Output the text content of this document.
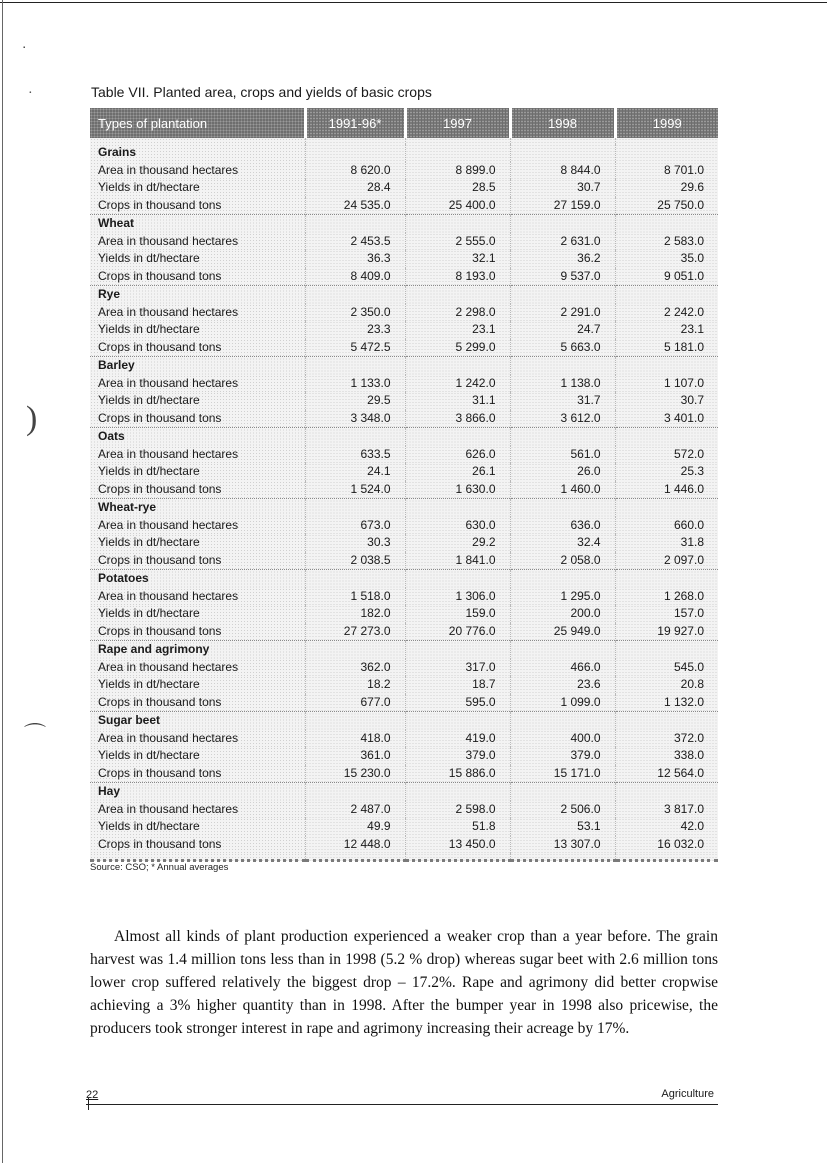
⋅
·
)
⌒
Table VII. Planted area, crops and yields of basic crops
Types of plantation	1991-96*	1997	1998	1999

Grains				
Area in thousand hectares	8 620.0	8 899.0	8 844.0	8 701.0
Yields in dt/hectare	28.4	28.5	30.7	29.6
Crops in thousand tons	24 535.0	25 400.0	27 159.0	25 750.0
Wheat				
Area in thousand hectares	2 453.5	2 555.0	2 631.0	2 583.0
Yields in dt/hectare	36.3	32.1	36.2	35.0
Crops in thousand tons	8 409.0	8 193.0	9 537.0	9 051.0
Rye				
Area in thousand hectares	2 350.0	2 298.0	2 291.0	2 242.0
Yields in dt/hectare	23.3	23.1	24.7	23.1
Crops in thousand tons	5 472.5	5 299.0	5 663.0	5 181.0
Barley				
Area in thousand hectares	1 133.0	1 242.0	1 138.0	1 107.0
Yields in dt/hectare	29.5	31.1	31.7	30.7
Crops in thousand tons	3 348.0	3 866.0	3 612.0	3 401.0
Oats				
Area in thousand hectares	633.5	626.0	561.0	572.0
Yields in dt/hectare	24.1	26.1	26.0	25.3
Crops in thousand tons	1 524.0	1 630.0	1 460.0	1 446.0
Wheat-rye				
Area in thousand hectares	673.0	630.0	636.0	660.0
Yields in dt/hectare	30.3	29.2	32.4	31.8
Crops in thousand tons	2 038.5	1 841.0	2 058.0	2 097.0
Potatoes				
Area in thousand hectares	1 518.0	1 306.0	1 295.0	1 268.0
Yields in dt/hectare	182.0	159.0	200.0	157.0
Crops in thousand tons	27 273.0	20 776.0	25 949.0	19 927.0
Rape and agrimony				
Area in thousand hectares	362.0	317.0	466.0	545.0
Yields in dt/hectare	18.2	18.7	23.6	20.8
Crops in thousand tons	677.0	595.0	1 099.0	1 132.0
Sugar beet				
Area in thousand hectares	418.0	419.0	400.0	372.0
Yields in dt/hectare	361.0	379.0	379.0	338.0
Crops in thousand tons	15 230.0	15 886.0	15 171.0	12 564.0
Hay				
Area in thousand hectares	2 487.0	2 598.0	2 506.0	3 817.0
Yields in dt/hectare	49.9	51.8	53.1	42.0
Crops in thousand tons	12 448.0	13 450.0	13 307.0	16 032.0

Source: CSO; * Annual averages

Almost all kinds of plant production experienced a weaker crop than a year before. The grain harvest was 1.4 million tons less than in 1998 (5.2 % drop) whereas sugar beet with 2.6 million tons lower crop suffered relatively the biggest drop – 17.2%. Rape and agrimony did better cropwise achieving a 3% higher quantity than in 1998. After the bumper year in 1998 also pricewise, the producers took stronger interest in rape and agrimony increasing their acreage by 17%.

22	Agriculture
